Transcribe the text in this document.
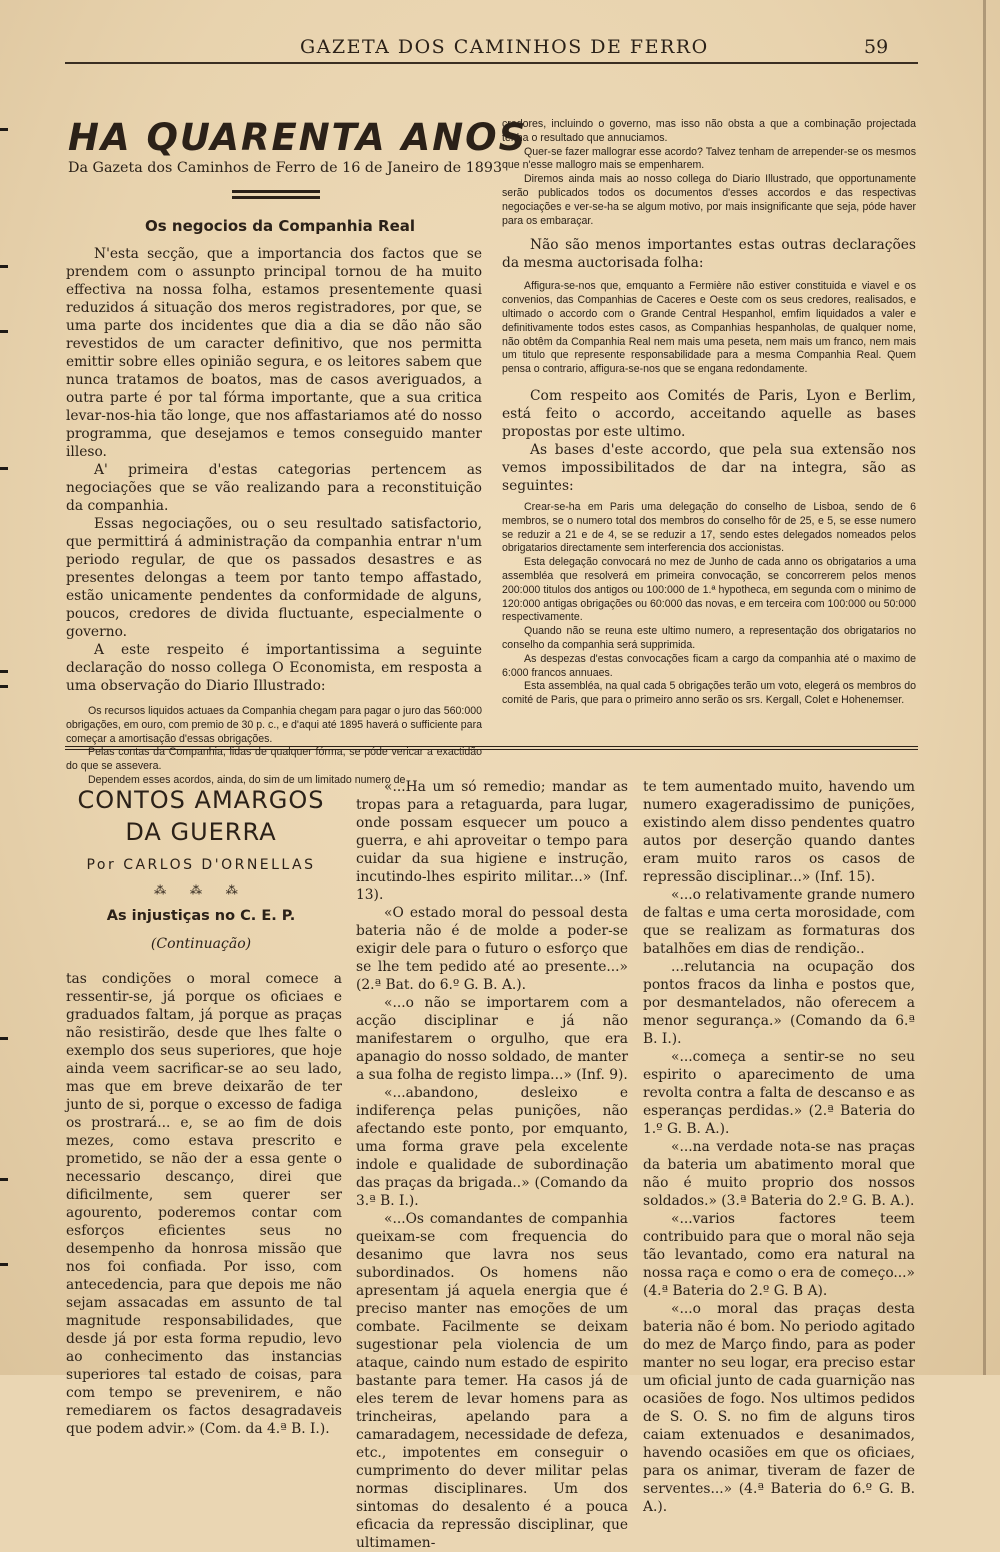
GAZETA DOS CAMINHOS DE FERRO	59
HA QUARENTA ANOS
Da Gazeta dos Caminhos de Ferro de 16 de Janeiro de 1893
Os negocios da Companhia Real

N'esta secção, que a importancia dos factos que se prendem com o assunpto principal tornou de ha muito effectiva na nossa folha, estamos presentemente quasi reduzidos á situação dos meros registradores, por que, se uma parte dos incidentes que dia a dia se dão não são revestidos de um caracter definitivo, que nos permitta emittir sobre elles opinião segura, e os leitores sabem que nunca tratamos de boatos, mas de casos averiguados, a outra parte é por tal fórma importante, que a sua critica levar-nos-hia tão longe, que nos affastariamos até do nosso programma, que desejamos e temos conseguido manter illeso.

A' primeira d'estas categorias pertencem as negociações que se vão realizando para a reconstituição da companhia.

Essas negociações, ou o seu resultado satisfactorio, que permittirá á administração da companhia entrar n'um periodo regular, de que os passados desastres e as presentes delongas a teem por tanto tempo affastado, estão unicamente pendentes da conformidade de alguns, poucos, credores de divida fluctuante, especialmente o governo.

A este respeito é importantissima a seguinte declaração do nosso collega O Economista, em resposta a uma observação do Diario Illustrado:

Os recursos liquidos actuaes da Companhia chegam para pagar o juro das 560:000 obrigações, em ouro, com premio de 30 p. c., e d'aqui até 1895 haverá o sufficiente para começar a amortisação d'essas obrigações.

Pelas contas da Companhia, lidas de qualquer fórma, se póde vericar a exactidão do que se assevera.

Dependem esses acordos, ainda, do sim de um limitado numero de

credores, incluindo o governo, mas isso não obsta a que a combinação projectada tenha o resultado que annuciamos.

Quer-se fazer mallograr esse acordo? Talvez tenham de arrepender-se os mesmos que n'esse mallogro mais se empenharem.

Diremos ainda mais ao nosso collega do Diario Illustrado, que opportunamente serão publicados todos os documentos d'esses accordos e das respectivas negociações e ver-se-ha se algum motivo, por mais insignificante que seja, póde haver para os embaraçar.

Não são menos importantes estas outras declarações da mesma auctorisada folha:

Affigura-se-nos que, emquanto a Fermière não estiver constituida e viavel e os convenios, das Companhias de Caceres e Oeste com os seus credores, realisados, e ultimado o accordo com o Grande Central Hespanhol, emfim liquidados a valer e definitivamente todos estes casos, as Companhias hespanholas, de qualquer nome, não obtêm da Companhia Real nem mais uma peseta, nem mais um franco, nem mais um titulo que represente responsabilidade para a mesma Companhia Real. Quem pensa o contrario, affigura-se-nos que se engana redondamente.

Com respeito aos Comités de Paris, Lyon e Berlim, está feito o accordo, acceitando aquelle as bases propostas por este ultimo.

As bases d'este accordo, que pela sua extensão nos vemos impossibilitados de dar na integra, são as seguintes:

Crear-se-ha em Paris uma delegação do conselho de Lisboa, sendo de 6 membros, se o numero total dos membros do conselho fôr de 25, e 5, se esse numero se reduzir a 21 e de 4, se se reduzir a 17, sendo estes delegados nomeados pelos obrigatarios directamente sem interferencia dos accionistas.

Esta delegação convocará no mez de Junho de cada anno os obrigatarios a uma assembléa que resolverá em primeira convocação, se concorrerem pelos menos 200:000 titulos dos antigos ou 100:000 de 1.ª hypotheca, em segunda com o minimo de 120:000 antigas obrigações ou 60:000 das novas, e em terceira com 100:000 ou 50:000 respectivamente.

Quando não se reuna este ultimo numero, a representação dos obrigatarios no conselho da companhia será supprimida.

As despezas d'estas convocações ficam a cargo da companhia até o maximo de 6:000 francos annuaes.

Esta assembléa, na qual cada 5 obrigações terão um voto, elegerá os membros do comité de Paris, que para o primeiro anno serão os srs. Kergall, Colet e Hohenemser.

CONTOS AMARGOS
DA GUERRA
Por CARLOS D'ORNELLAS
⁂ ⁂ ⁂
As injustiças no C. E. P.
(Continuação)

tas condições o moral comece a ressentir-se, já porque os oficiaes e graduados faltam, já porque as praças não resistirão, desde que lhes falte o exemplo dos seus superiores, que hoje ainda veem sacrificar-se ao seu lado, mas que em breve deixarão de ter junto de si, porque o excesso de fadiga os prostrará... e, se ao fim de dois mezes, como estava prescrito e prometido, se não der a essa gente o necessario descanço, direi que dificilmente, sem querer ser agourento, poderemos contar com esforços eficientes seus no desempenho da honrosa missão que nos foi confiada. Por isso, com antecedencia, para que depois me não sejam assacadas em assunto de tal magnitude responsabilidades, que desde já por esta forma repudio, levo ao conhecimento das instancias superiores tal estado de coisas, para com tempo se prevenirem, e não remediarem os factos desagradaveis que podem advir.» (Com. da 4.ª B. I.).

«...Ha um só remedio; mandar as tropas para a retaguarda, para lugar, onde possam esquecer um pouco a guerra, e ahi aproveitar o tempo para cuidar da sua higiene e instrução, incutindo-lhes espirito militar...» (Inf. 13).

«O estado moral do pessoal desta bateria não é de molde a poder-se exigir dele para o futuro o esforço que se lhe tem pedido até ao presente...» (2.ª Bat. do 6.º G. B. A.).

«...o não se importarem com a acção disciplinar e já não manifestarem o orgulho, que era apanagio do nosso soldado, de manter a sua folha de registo limpa...» (Inf. 9).

«...abandono, desleixo e indiferença pelas punições, não afectando este ponto, por emquanto, uma forma grave pela excelente indole e qualidade de subordinação das praças da brigada..» (Comando da 3.ª B. I.).

«...Os comandantes de companhia queixam-se com frequencia do desanimo que lavra nos seus subordinados. Os homens não apresentam já aquela energia que é preciso manter nas emoções de um combate. Facilmente se deixam sugestionar pela violencia de um ataque, caindo num estado de espirito bastante para temer. Ha casos já de eles terem de levar homens para as trincheiras, apelando para a camaradagem, necessidade de defeza, etc., impotentes em conseguir o cumprimento do dever militar pelas normas disciplinares. Um dos sintomas do desalento é a pouca eficacia da repressão disciplinar, que ultimamen-

te tem aumentado muito, havendo um numero exageradissimo de punições, existindo alem disso pendentes quatro autos por deserção quando dantes eram muito raros os casos de repressão disciplinar...» (Inf. 15).

«...o relativamente grande numero de faltas e uma certa morosidade, com que se realizam as formaturas dos batalhões em dias de rendição..

...relutancia na ocupação dos pontos fracos da linha e postos que, por desmantelados, não oferecem a menor segurança.» (Comando da 6.ª B. I.).

«...começa a sentir-se no seu espirito o aparecimento de uma revolta contra a falta de descanso e as esperanças perdidas.» (2.ª Bateria do 1.º G. B. A.).

«...na verdade nota-se nas praças da bateria um abatimento moral que não é muito proprio dos nossos soldados.» (3.ª Bateria do 2.º G. B. A.).

«...varios factores teem contribuido para que o moral não seja tão levantado, como era natural na nossa raça e como o era de começo...» (4.ª Bateria do 2.º G. B A).

«...o moral das praças desta bateria não é bom. No periodo agitado do mez de Março findo, para as poder manter no seu logar, era preciso estar um oficial junto de cada guarnição nas ocasiões de fogo. Nos ultimos pedidos de S. O. S. no fim de alguns tiros caiam extenuados e desanimados, havendo ocasiões em que os oficiaes, para os animar, tiveram de fazer de serventes...» (4.ª Bateria do 6.º G. B. A.).
